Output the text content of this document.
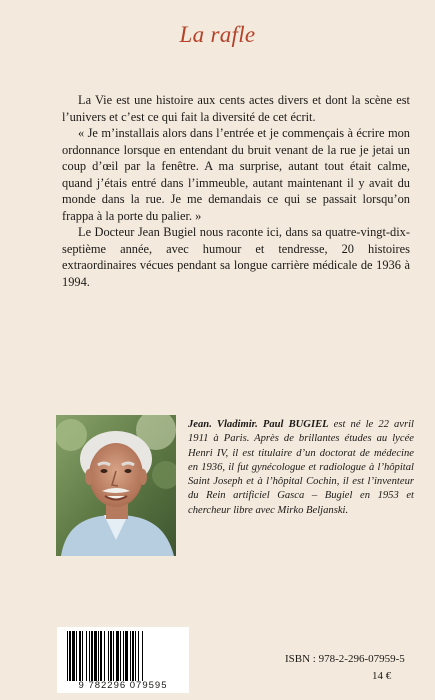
La rafle

La Vie est une histoire aux cents actes divers et dont la scène est l’univers et c’est ce qui fait la diversité de cet écrit.

« Je m’installais alors dans l’entrée et je commençais à écrire mon ordonnance lorsque en entendant du bruit venant de la rue je jetai un coup d’œil par la fenêtre. A ma surprise, autant tout était calme, quand j’étais entré dans l’immeuble, autant maintenant il y avait du monde dans la rue. Je me demandais ce qui se passait lorsqu’on frappa à la porte du palier. »

Le Docteur Jean Bugiel nous raconte ici, dans sa quatre-vingt-dix-septième année, avec humour et tendresse, 20 histoires extraordinaires vécues pendant sa longue carrière médicale de 1936 à 1994.

Jean. Vladimir. Paul BUGIEL est né le 22 avril 1911 à Paris. Après de brillantes études au lycée Henri IV, il est titulaire d’un doctorat de médecine en 1936, il fut gynécologue et radiologue à l’hôpital Saint Joseph et à l’hôpital Cochin, il est l’inventeur du Rein artificiel Gasca – Bugiel en 1953 et chercheur libre avec Mirko Beljanski.
9 782296 079595
ISBN : 978-2-296-07959-5
14 €
